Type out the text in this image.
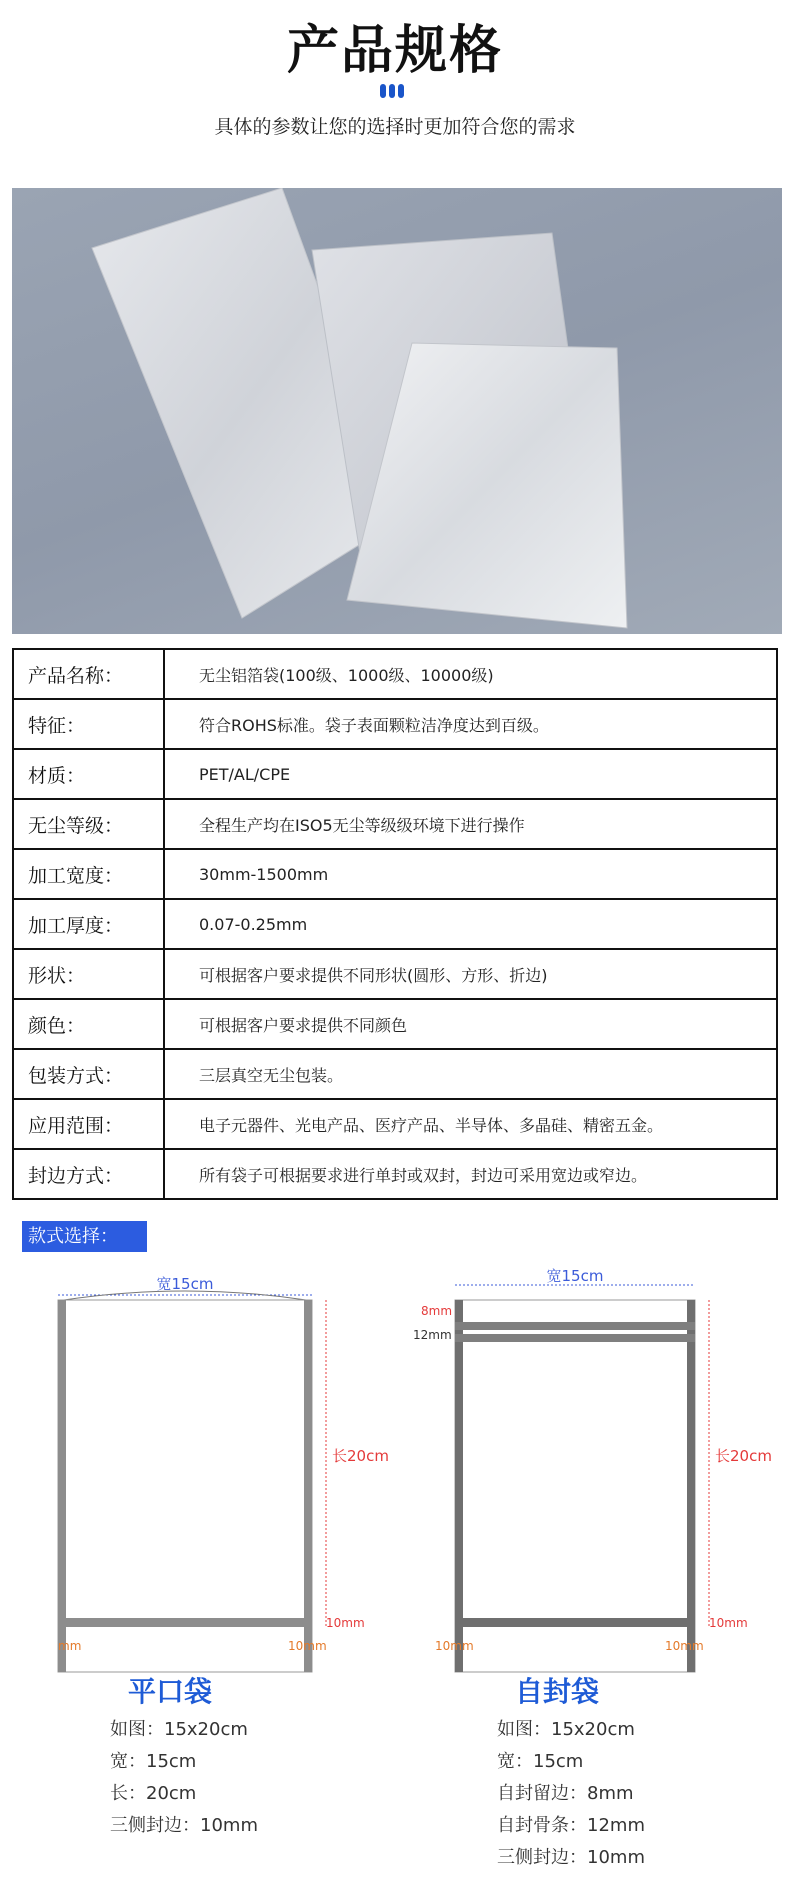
产品规格
具体的参数让您的选择时更加符合您的需求
产品名称：	无尘铝箔袋(100级、1000级、10000级)
特征：	符合ROHS标准。袋子表面颗粒洁净度达到百级。
材质：	PET/AL/CPE
无尘等级：	全程生产均在ISO5无尘等级级环境下进行操作
加工宽度：	30mm-1500mm
加工厚度：	0.07-0.25mm
形状：	可根据客户要求提供不同形状(圆形、方形、折边)
颜色：	可根据客户要求提供不同颜色
包装方式：	三层真空无尘包装。
应用范围：	电子元器件、光电产品、医疗产品、半导体、多晶硅、精密五金。
封边方式：	所有袋子可根据要求进行单封或双封，封边可采用宽边或窄边。
款式选择：
宽15cm
长20cm
10mm
mm	10mm
宽15cm
8mm
12mm
长20cm
10mm
10mm	10mm
平口袋
如图：15x20cm
宽：15cm
长：20cm
三侧封边：10mm
自封袋
如图：15x20cm
宽：15cm
自封留边：8mm
自封骨条：12mm
三侧封边：10mm
